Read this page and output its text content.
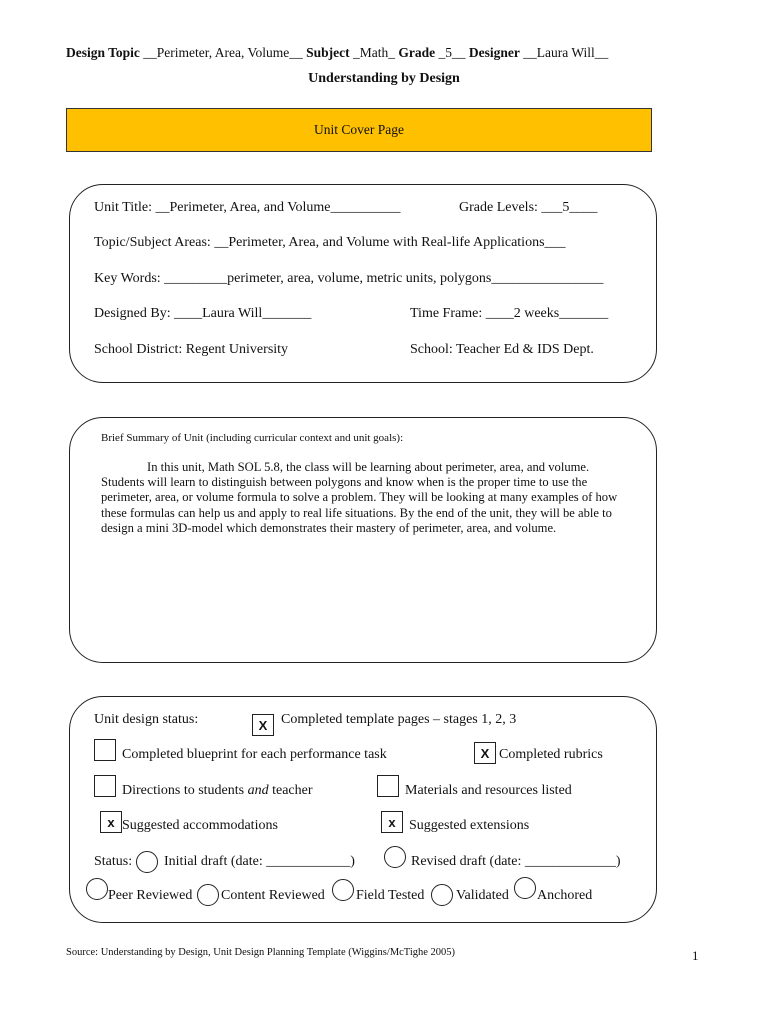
Design Topic __Perimeter, Area, Volume__ Subject _Math_ Grade _5__ Designer __Laura Will__
Understanding by Design
Unit Cover Page
Unit Title: __Perimeter, Area, and Volume__________	Grade Levels: ___5____
Topic/Subject Areas: __Perimeter, Area, and Volume with Real-life Applications___
Key Words: _________perimeter, area, volume, metric units, polygons________________
Designed By: ____Laura Will_______	Time Frame: ____2 weeks_______
School District: Regent University	School: Teacher Ed & IDS Dept.
Brief Summary of Unit (including curricular context and unit goals):
In this unit, Math SOL 5.8, the class will be learning about perimeter, area, and volume. Students will learn to distinguish between polygons and know when is the proper time to use the perimeter, area, or volume formula to solve a problem. They will be looking at many examples of how these formulas can help us and apply to real life situations. By the end of the unit, they will be able to design a mini 3D-model which demonstrates their mastery of perimeter, area, and volume.
Unit design status:	X Completed template pages – stages 1, 2, 3
Completed blueprint for each performance task	X Completed rubrics
Directions to students and teacher	Materials and resources listed
x Suggested accommodations	x Suggested extensions
Status: Initial draft (date: ____________)	Revised draft (date: _____________)
Peer Reviewed Content Reviewed Field Tested Validated Anchored
Source: Understanding by Design, Unit Design Planning Template (Wiggins/McTighe 2005)	1
